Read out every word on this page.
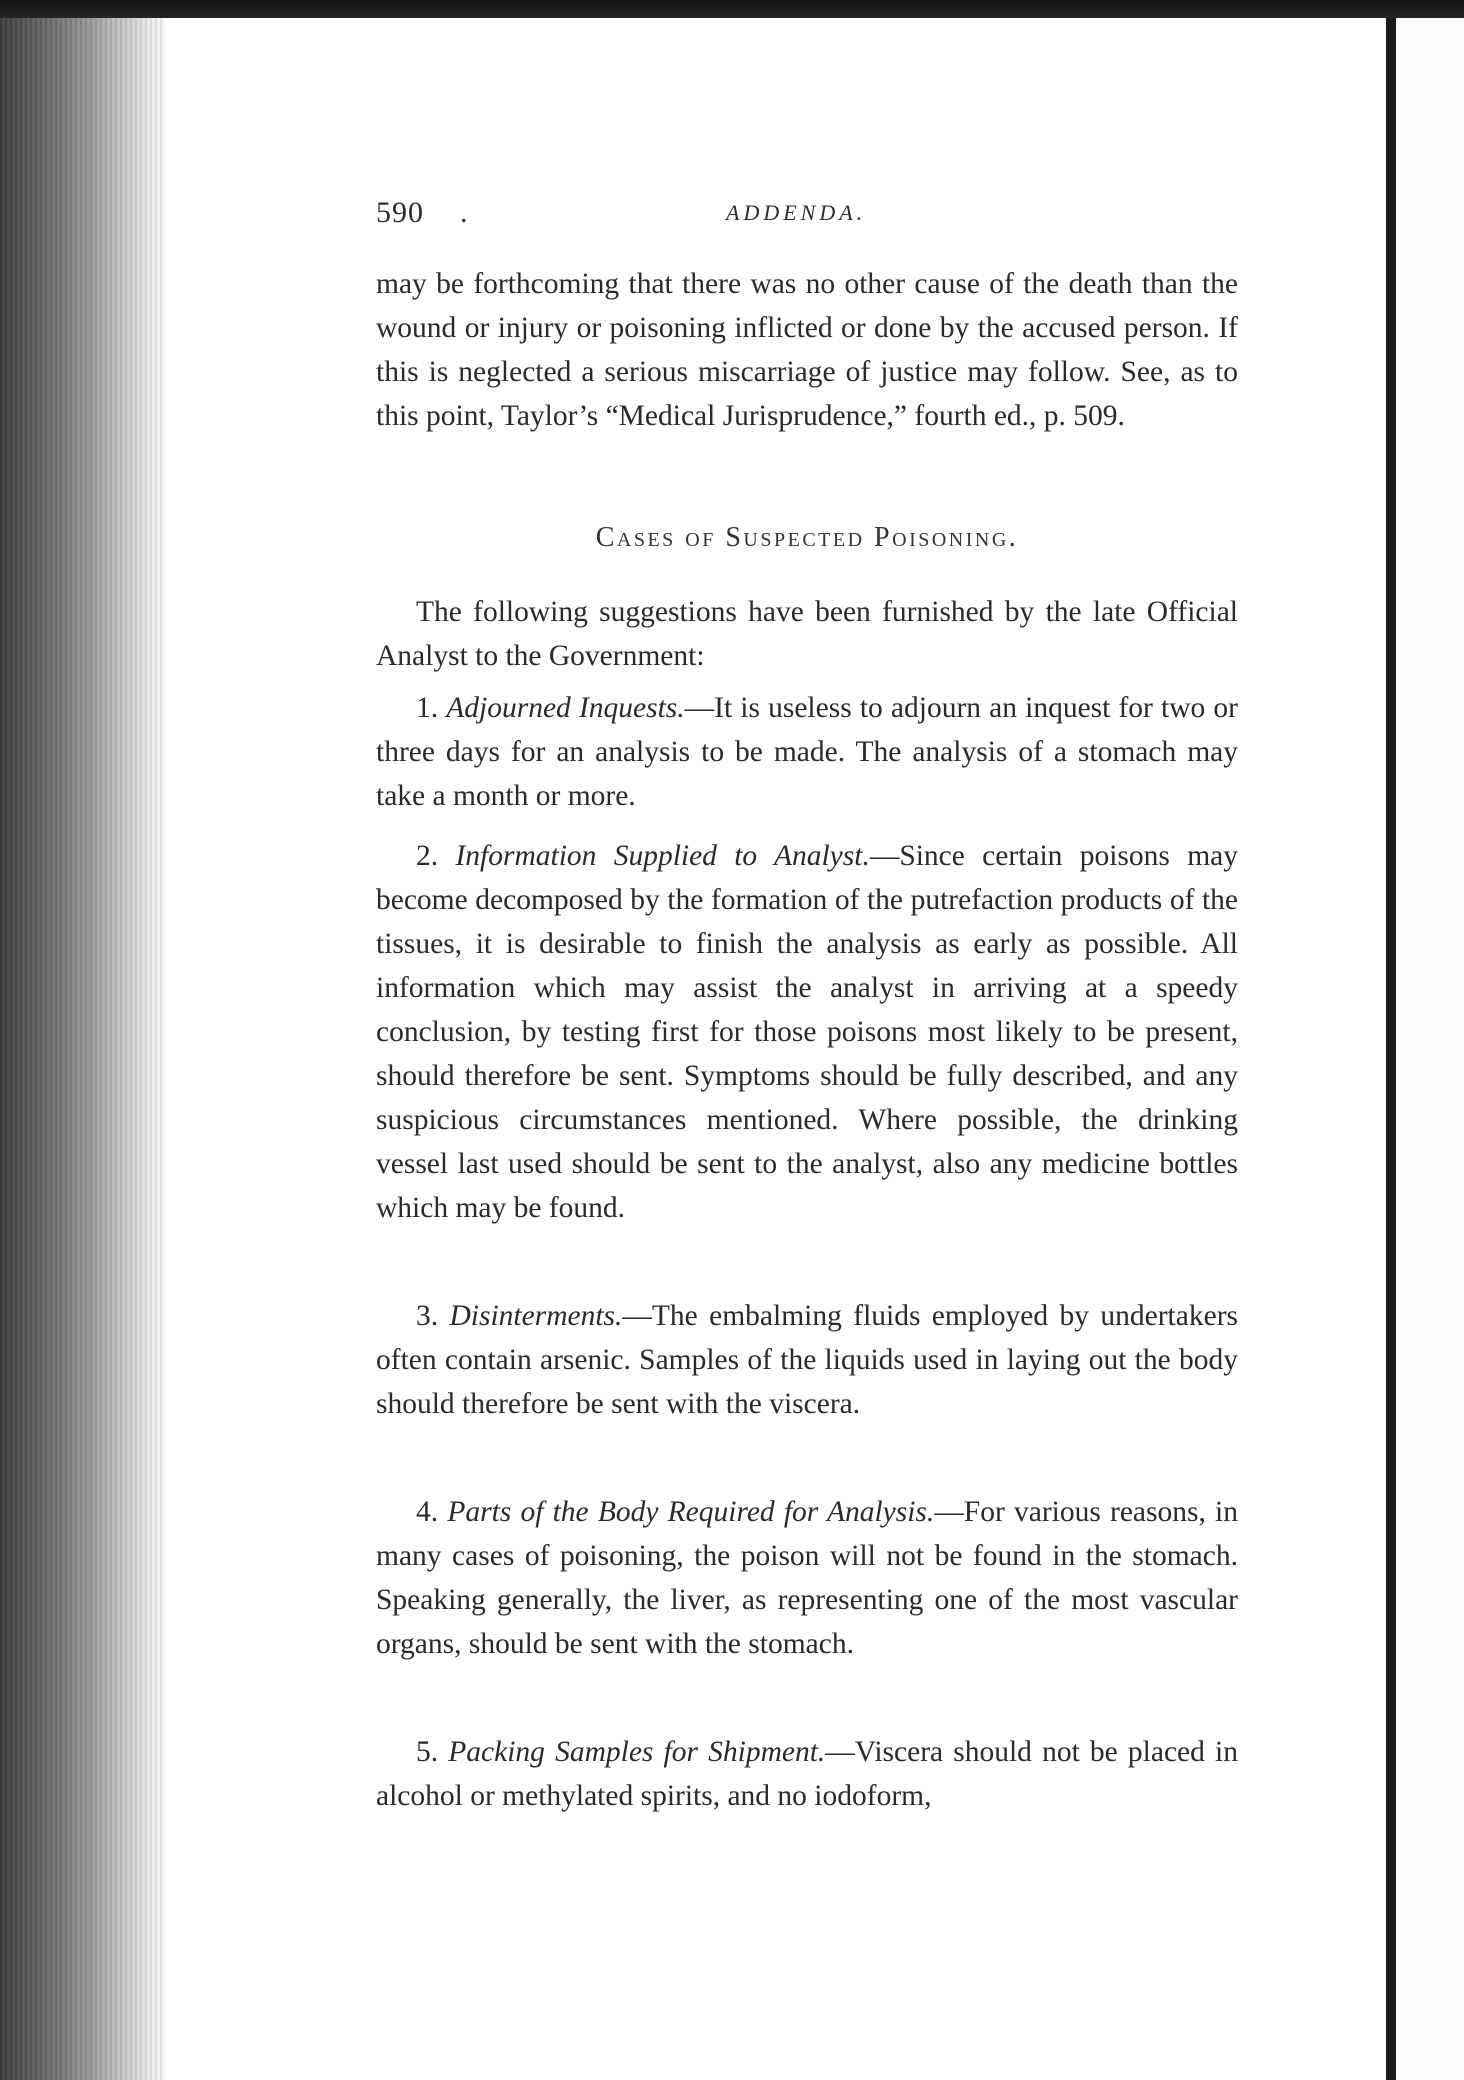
590 .	ADDENDA.

may be forthcoming that there was no other cause of the death than the wound or injury or poisoning inflicted or done by the accused person. If this is neglected a serious miscarriage of justice may follow. See, as to this point, Taylor’s “Medical Jurisprudence,” fourth ed., p. 509.

Cases of Suspected Poisoning.

The following suggestions have been furnished by the late Official Analyst to the Government:

1. Adjourned Inquests.—It is useless to adjourn an inquest for two or three days for an analysis to be made. The analysis of a stomach may take a month or more.

2. Information Supplied to Analyst.—Since certain poisons may become decomposed by the formation of the putrefaction products of the tissues, it is desirable to finish the analysis as early as possible. All information which may assist the analyst in arriving at a speedy conclusion, by testing first for those poisons most likely to be present, should therefore be sent. Symptoms should be fully described, and any suspicious circumstances mentioned. Where possible, the drinking vessel last used should be sent to the analyst, also any medicine bottles which may be found.

3. Disinterments.—The embalming fluids employed by undertakers often contain arsenic. Samples of the liquids used in laying out the body should therefore be sent with the viscera.

4. Parts of the Body Required for Analysis.—For various reasons, in many cases of poisoning, the poison will not be found in the stomach. Speaking generally, the liver, as representing one of the most vascular organs, should be sent with the stomach.

5. Packing Samples for Shipment.—Viscera should not be placed in alcohol or methylated spirits, and no iodoform,
